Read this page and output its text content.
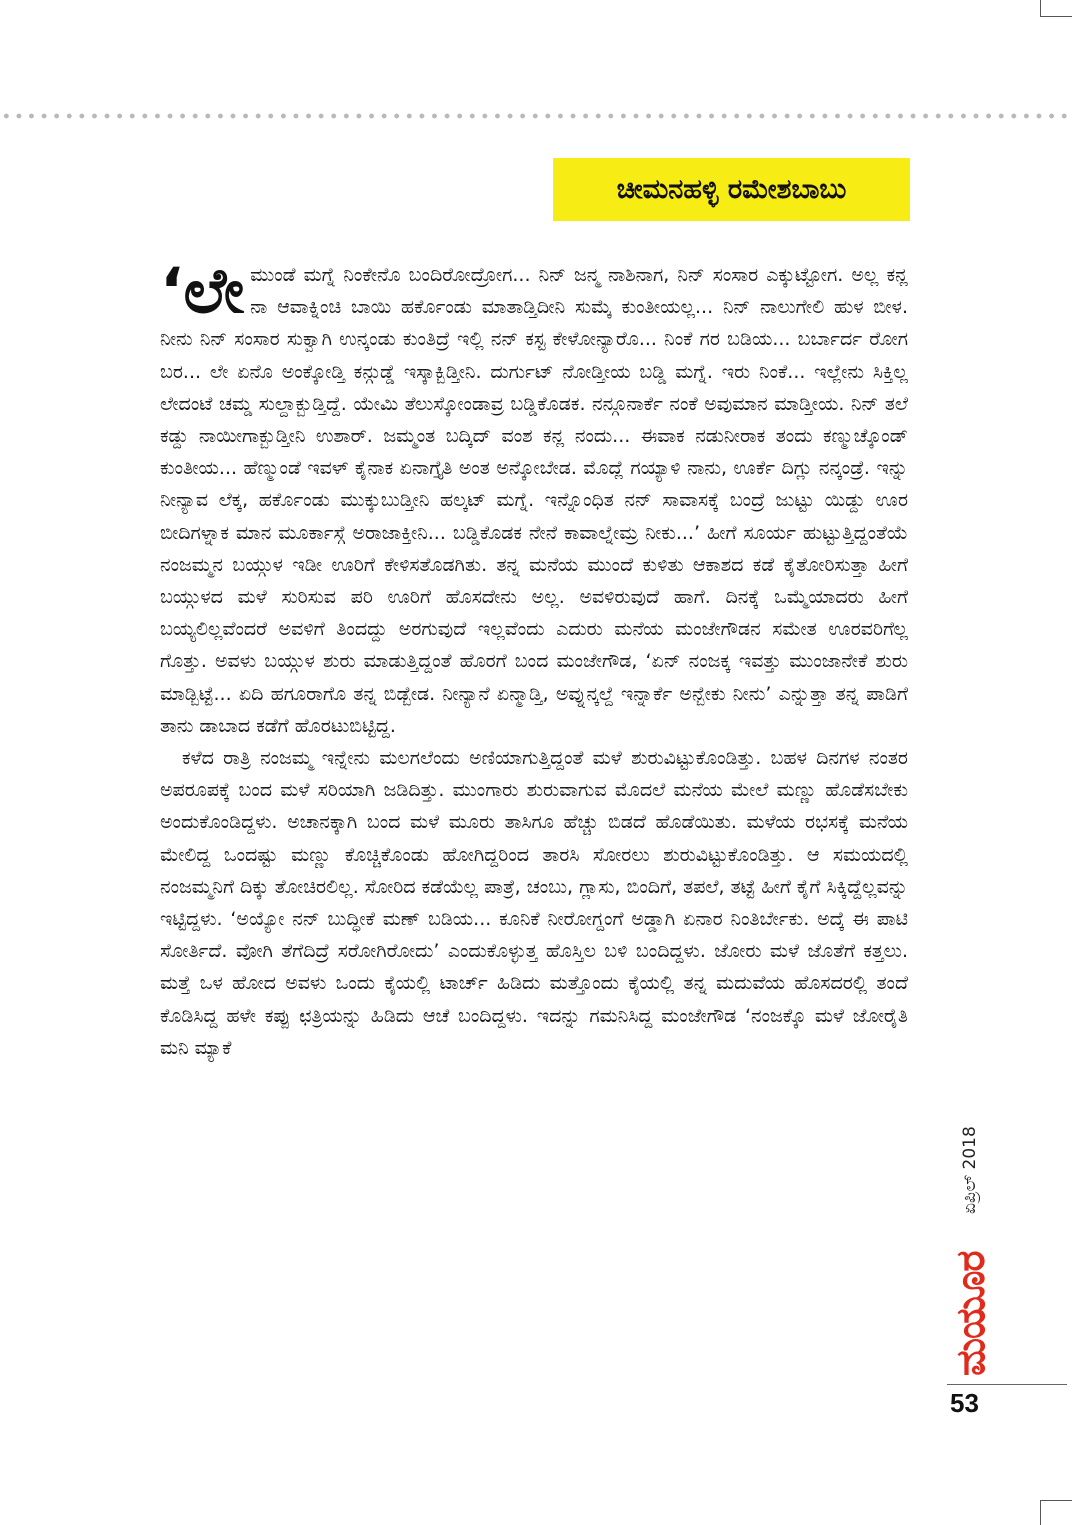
ಚೀಮನಹಳ್ಳಿ ರಮೇಶಬಾಬು

‘ಲೇಮುಂಡೆ ಮಗ್ನೆ ನಿಂಕೇನೊ ಬಂದಿರೋದ್ರೋಗ... ನಿನ್ ಜನ್ಮ ನಾಶಿನಾಗ, ನಿನ್ ಸಂಸಾರ ಎಕ್ಕುಟ್ಟೋಗ. ಅಲ್ಲ ಕನ್ಲ ನಾ ಆವಾಕ್ನಿಂಚಿ ಬಾಯಿ ಹರ್ಕೊಂಡು ಮಾತಾಡ್ತಿದೀನಿ ಸುಮ್ಕೆ ಕುಂತೀಯಲ್ಲ... ನಿನ್ ನಾಲುಗೇಲಿ ಹುಳ ಬೀಳ. ನೀನು ನಿನ್ ಸಂಸಾರ ಸುಕ್ವಾಗಿ ಉನ್ಕಂಡು ಕುಂತಿದ್ರೆ ಇಲ್ಲಿ ನನ್ ಕಸ್ಟ ಕೇಳೋನ್ಯಾರೊ... ನಿಂಕೆ ಗರ ಬಡಿಯ... ಬರ್ಬಾರ್ದ ರೋಗ ಬರ... ಲೇ ಏನೊ ಅಂಕ್ಕೋಡ್ತಿ ಕನ್ಗುಡ್ಡೆ ಇಸ್ಕಾಕ್ಬಿಡ್ತೀನಿ. ದುರ್ಗುಟ್ ನೋಡ್ತೀಯ ಬಡ್ಡಿ ಮಗ್ನೆ. ಇರು ನಿಂಕೆ... ಇಲ್ಲೇನು ಸಿಕ್ತಿಲ್ಲ ಲೇದಂಟೆ ಚಮ್ಡ ಸುಲ್ದಾಕ್ಬುಡ್ತಿದ್ದೆ. ಯೇಮಿ ತೆಲುಸ್ಕೋಂಡಾವ್ರ ಬಡ್ಡಿಕೊಡಕ. ನನ್ಗೂನಾರ್ಕೆ ನಂಕೆ ಅವುಮಾನ ಮಾಡ್ತೀಯ. ನಿನ್ ತಲೆ ಕಡ್ದು ನಾಯೀಗಾಕ್ಬುಡ್ತೀನಿ ಉಶಾರ್. ಜಮ್ಮಂತ ಬದ್ಕಿದ್ ವಂಶ ಕನ್ಲ ನಂದು... ಈವಾಕ ನಡುನೀರಾಕ ತಂದು ಕಣ್ಮುಚ್ಕೊಂಡ್ ಕುಂತೀಯ... ಹೆಣ್ಮುಂಡೆ ಇವಳ್ ಕೈನಾಕ ಏನಾಗ್ತೈತಿ ಅಂತ ಅನ್ಕೋಬೇಡ. ಮೊದ್ಲೆ ಗಯ್ಯಾಳಿ ನಾನು, ಊರ್ಕೆ ದಿಗ್ಲು ನನ್ಕಂಡ್ರೆ. ಇನ್ನು ನೀನ್ಯಾವ ಲೆಕ್ಕ, ಹರ್ಕೊಂಡು ಮುಕ್ಕುಬುಡ್ತೀನಿ ಹಲ್ಕಟ್ ಮಗ್ನೆ. ಇನ್ನೊಂಧಿತ ನನ್ ಸಾವಾಸಕ್ಕೆ ಬಂದ್ರೆ ಜುಟ್ಟು ಯಿಡ್ದು ಊರ ಬೀದಿಗಳ್ನಾಕ ಮಾನ ಮೂರ್ಕಾಸ್ಗೆ ಅರಾಜಾಕ್ತೀನಿ... ಬಡ್ಡಿಕೊಡಕ ನೇನೆ ಕಾವಾಲ್ನೇಮ್ರ ನೀಕು...’ ಹೀಗೆ ಸೂರ್ಯ ಹುಟ್ಟುತ್ತಿದ್ದಂತೆಯೆ ನಂಜಮ್ಮನ ಬಯ್ಗುಳ ಇಡೀ ಊರಿಗೆ ಕೇಳಿಸತೊಡಗಿತು. ತನ್ನ ಮನೆಯ ಮುಂದೆ ಕುಳಿತು ಆಕಾಶದ ಕಡೆ ಕೈತೋರಿಸುತ್ತಾ ಹೀಗೆ ಬಯ್ಗುಳದ ಮಳೆ ಸುರಿಸುವ ಪರಿ ಊರಿಗೆ ಹೊಸದೇನು ಅಲ್ಲ. ಅವಳಿರುವುದೆ ಹಾಗೆ. ದಿನಕ್ಕೆ ಒಮ್ಮೆಯಾದರು ಹೀಗೆ ಬಯ್ಯಲಿಲ್ಲವೆಂದರೆ ಅವಳಿಗೆ ತಿಂದದ್ದು ಅರಗುವುದೆ ಇಲ್ಲವೆಂದು ಎದುರು ಮನೆಯ ಮಂಜೇಗೌಡನ ಸಮೇತ ಊರವರಿಗೆಲ್ಲ ಗೊತ್ತು. ಅವಳು ಬಯ್ಗುಳ ಶುರು ಮಾಡುತ್ತಿದ್ದಂತೆ ಹೊರಗೆ ಬಂದ ಮಂಜೇಗೌಡ, ‘ಏನ್ ನಂಜಕ್ಕ ಇವತ್ತು ಮುಂಜಾನೇಕೆ ಶುರು ಮಾಡ್ಬಿಟ್ಟೆ... ಏದಿ ಹಗೂರಾಗೊ ತನ್ನ ಬಿಡ್ಬೇಡ. ನೀನ್ಯಾನೆ ಏನ್ಮಾಡ್ತಿ, ಅವ್ನುನ್ಕಲ್ದೆ ಇನ್ನಾರ್ಕೆ ಅನ್ಬೇಕು ನೀನು’ ಎನ್ನುತ್ತಾ ತನ್ನ ಪಾಡಿಗೆ ತಾನು ಡಾಬಾದ ಕಡೆಗೆ ಹೊರಟುಬಿಟ್ಟಿದ್ದ.

ಕಳೆದ ರಾತ್ರಿ ನಂಜಮ್ಮ ಇನ್ನೇನು ಮಲಗಲೆಂದು ಅಣಿಯಾಗುತ್ತಿದ್ದಂತೆ ಮಳೆ ಶುರುವಿಟ್ಟುಕೊಂಡಿತ್ತು. ಬಹಳ ದಿನಗಳ ನಂತರ ಅಪರೂಪಕ್ಕೆ ಬಂದ ಮಳೆ ಸರಿಯಾಗಿ ಜಡಿದಿತ್ತು. ಮುಂಗಾರು ಶುರುವಾಗುವ ಮೊದಲೆ ಮನೆಯ ಮೇಲೆ ಮಣ್ಣು ಹೊಡೆಸಬೇಕು ಅಂದುಕೊಂಡಿದ್ದಳು. ಅಚಾನಕ್ಕಾಗಿ ಬಂದ ಮಳೆ ಮೂರು ತಾಸಿಗೂ ಹೆಚ್ಚು ಬಿಡದೆ ಹೊಡೆಯಿತು. ಮಳೆಯ ರಭಸಕ್ಕೆ ಮನೆಯ ಮೇಲಿದ್ದ ಒಂದಷ್ಟು ಮಣ್ಣು ಕೊಚ್ಚಿಕೊಂಡು ಹೋಗಿದ್ದರಿಂದ ತಾರಸಿ ಸೋರಲು ಶುರುವಿಟ್ಟುಕೊಂಡಿತ್ತು. ಆ ಸಮಯದಲ್ಲಿ ನಂಜಮ್ಮನಿಗೆ ದಿಕ್ಕು ತೋಚಿರಲಿಲ್ಲ. ಸೋರಿದ ಕಡೆಯೆಲ್ಲ ಪಾತ್ರೆ, ಚಂಬು, ಗ್ಲಾಸು, ಬಿಂದಿಗೆ, ತಪಲೆ, ತಟ್ಟೆ ಹೀಗೆ ಕೈಗೆ ಸಿಕ್ಕಿದ್ದೆಲ್ಲವನ್ನು ಇಟ್ಟಿದ್ದಳು. ‘ಅಯ್ಯೋ ನನ್ ಬುದ್ಧೀಕೆ ಮಣ್ ಬಡಿಯ... ಕೂನಿಕೆ ನೀರೋಗ್ದಂಗೆ ಅಡ್ಡಾಗಿ ಏನಾರ ನಿಂತಿರ್ಬೇಕು. ಅದ್ಕೆ ಈ ಪಾಟಿ ಸೋರ್ತಿದೆ. ವೋಗಿ ತೆಗೆದಿದ್ರೆ ಸರೋಗಿರೋದು’ ಎಂದುಕೊಳ್ಳುತ್ತ ಹೊಸ್ತಿಲ ಬಳಿ ಬಂದಿದ್ದಳು. ಜೋರು ಮಳೆ ಜೊತೆಗೆ ಕತ್ತಲು. ಮತ್ತೆ ಒಳ ಹೋದ ಅವಳು ಒಂದು ಕೈಯಲ್ಲಿ ಟಾರ್ಚ್ ಹಿಡಿದು ಮತ್ತೊಂದು ಕೈಯಲ್ಲಿ ತನ್ನ ಮದುವೆಯ ಹೊಸದರಲ್ಲಿ ತಂದೆ ಕೊಡಿಸಿದ್ದ ಹಳೇ ಕಪ್ಪು ಛತ್ರಿಯನ್ನು ಹಿಡಿದು ಆಚೆ ಬಂದಿದ್ದಳು. ಇದನ್ನು ಗಮನಿಸಿದ್ದ ಮಂಜೇಗೌಡ ‘ನಂಜಕ್ಕೊ ಮಳೆ ಜೋರೈತಿ ಮನಿ ಮ್ಯಾಕೆ

ಏಪ್ರಿಲ್ 2018
ಮಯೂರ
53
